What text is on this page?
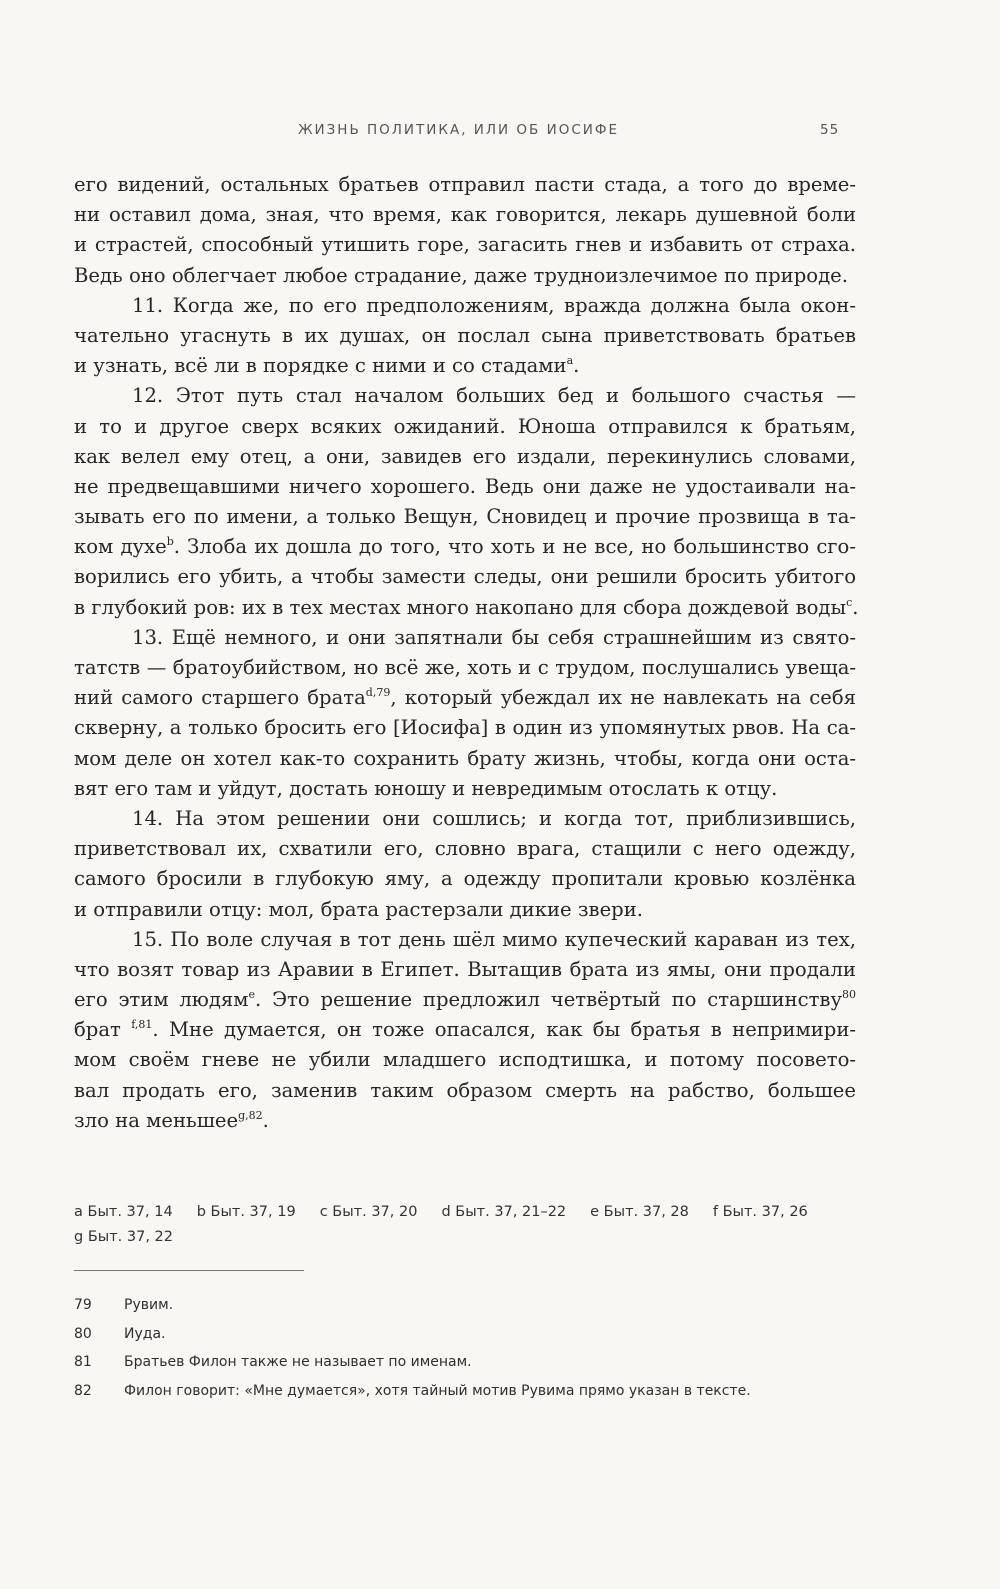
ЖИЗНЬ ПОЛИТИКА, ИЛИ ОБ ИОСИФЕ	55
его видений, остальных братьев отправил пасти стада, а того до време-
ни оставил дома, зная, что время, как говорится, лекарь душевной боли
и страстей, способный утишить горе, загасить гнев и избавить от страха.
Ведь оно облегчает любое страдание, даже трудноизлечимое по природе.
11. Когда же, по его предположениям, вражда должна была окон-
чательно угаснуть в их душах, он послал сына приветствовать братьев
и узнать, всё ли в порядке с ними и со стадами$^a$.
12. Этот путь стал началом больших бед и большого счастья —
и то и другое сверх всяких ожиданий. Юноша отправился к братьям,
как велел ему отец, а они, завидев его издали, перекинулись словами,
не предвещавшими ничего хорошего. Ведь они даже не удостаивали на-
зывать его по имени, а только Вещун, Сновидец и прочие прозвища в та-
ком духе$^b$. Злоба их дошла до того, что хоть и не все, но большинство сго-
ворились его убить, а чтобы замести следы, они решили бросить убитого
в глубокий ров: их в тех местах много накопано для сбора дождевой воды$^c$.
13. Ещё немного, и они запятнали бы себя страшнейшим из свято-
татств — братоубийством, но всё же, хоть и с трудом, послушались увеща-
ний самого старшего брата$^{d,79}$, который убеждал их не навлекать на себя
скверну, а только бросить его [Иосифа] в один из упомянутых рвов. На са-
мом деле он хотел как-то сохранить брату жизнь, чтобы, когда они оста-
вят его там и уйдут, достать юношу и невредимым отослать к отцу.
14. На этом решении они сошлись; и когда тот, приблизившись,
приветствовал их, схватили его, словно врага, стащили с него одежду,
самого бросили в глубокую яму, а одежду пропитали кровью козлёнка
и отправили отцу: мол, брата растерзали дикие звери.
15. По воле случая в тот день шёл мимо купеческий караван из тех,
что возят товар из Аравии в Египет. Вытащив брата из ямы, они продали
его этим людям$^e$. Это решение предложил четвёртый по старшинству$^{80}$
брат $^{f,81}$. Мне думается, он тоже опасался, как бы братья в непримири-
мом своём гневе не убили младшего исподтишка, и потому посовето-
вал продать его, заменив таким образом смерть на рабство, большее
зло на меньшее$^{g,82}$.
a Быт. 37, 14 b Быт. 37, 19 c Быт. 37, 20 d Быт. 37, 21–22 e Быт. 37, 28 f Быт. 37, 26
g Быт. 37, 22
79 Рувим.
80 Иуда.
81 Братьев Филон также не называет по именам.
82 Филон говорит: «Мне думается», хотя тайный мотив Рувима прямо указан в тексте.
